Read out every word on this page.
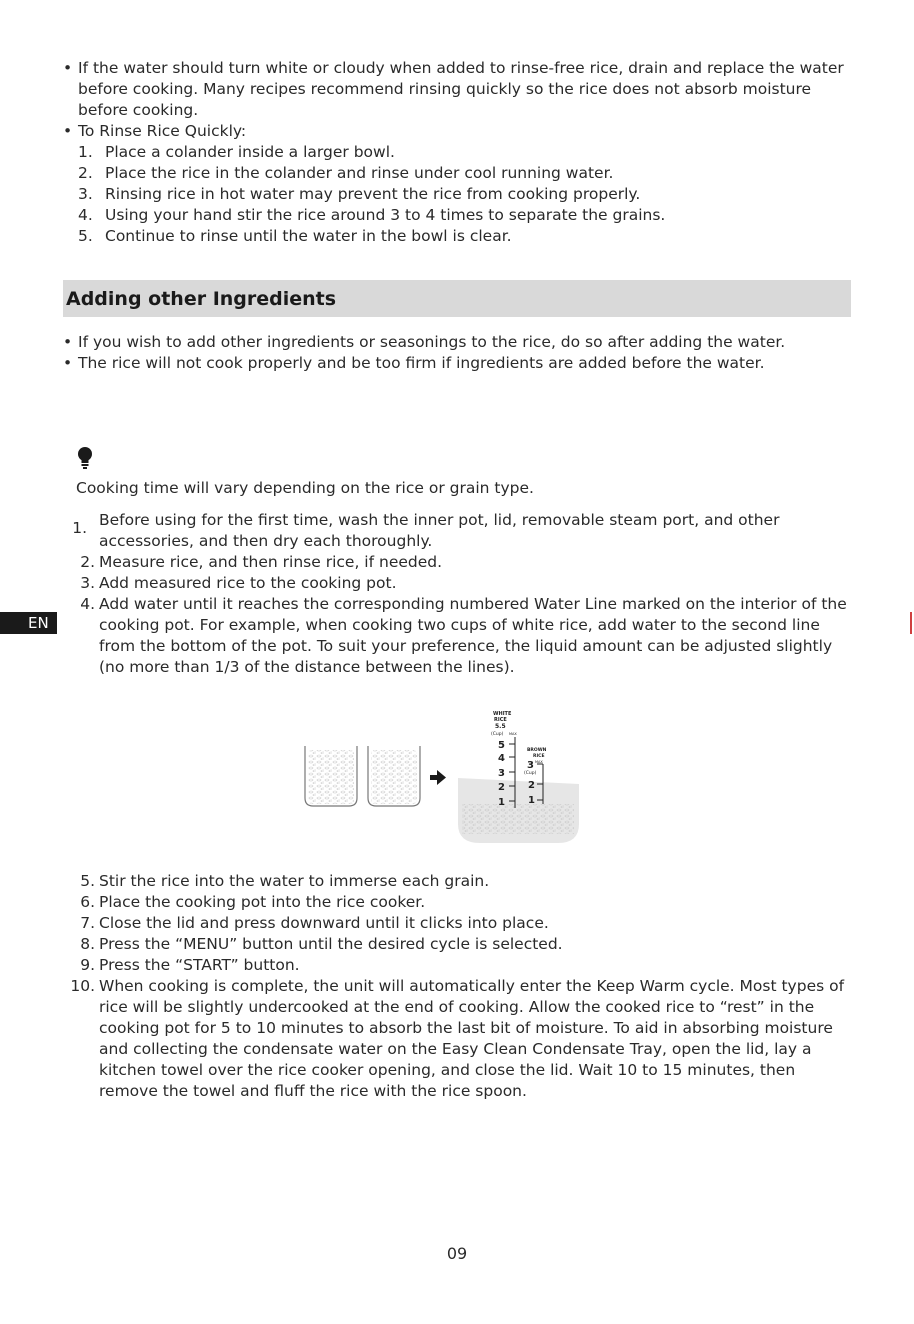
• If the water should turn white or cloudy when added to rinse-free rice, drain and replace the water before cooking. Many recipes recommend rinsing quickly so the rice does not absorb moisture before cooking.
• To Rinse Rice Quickly:
1. Place a colander inside a larger bowl.
2. Place the rice in the colander and rinse under cool running water.
3. Rinsing rice in hot water may prevent the rice from cooking properly.
4. Using your hand stir the rice around 3 to 4 times to separate the grains.
5. Continue to rinse until the water in the bowl is clear.
Adding other Ingredients
• If you wish to add other ingredients or seasonings to the rice, do so after adding the water.
• The rice will not cook properly and be too firm if ingredients are added before the water.
Cooking time will vary depending on the rice or grain type.
1. Before using for the first time, wash the inner pot, lid, removable steam port, and other accessories, and then dry each thoroughly.
2. Measure rice, and then rinse rice, if needed.
3. Add measured rice to the cooking pot.
4. Add water until it reaches the corresponding numbered Water Line marked on the interior of the cooking pot. For example, when cooking two cups of white rice, add water to the second line from the bottom of the pot. To suit your preference, the liquid amount can be adjusted slightly (no more than 1/3 of the distance between the lines).
EN
WHITE
RICE
5.5
(Cup) MAX
5
4
3
2
1
BROWN
RICE
3 MAX
(Cup)
2
1
5. Stir the rice into the water to immerse each grain.
6. Place the cooking pot into the rice cooker.
7. Close the lid and press downward until it clicks into place.
8. Press the “MENU” button until the desired cycle is selected.
9. Press the “START” button.
10. When cooking is complete, the unit will automatically enter the Keep Warm cycle. Most types of rice will be slightly undercooked at the end of cooking. Allow the cooked rice to “rest” in the cooking pot for 5 to 10 minutes to absorb the last bit of moisture. To aid in absorbing moisture and collecting the condensate water on the Easy Clean Condensate Tray, open the lid, lay a kitchen towel over the rice cooker opening, and close the lid. Wait 10 to 15 minutes, then remove the towel and fluff the rice with the rice spoon.
09
